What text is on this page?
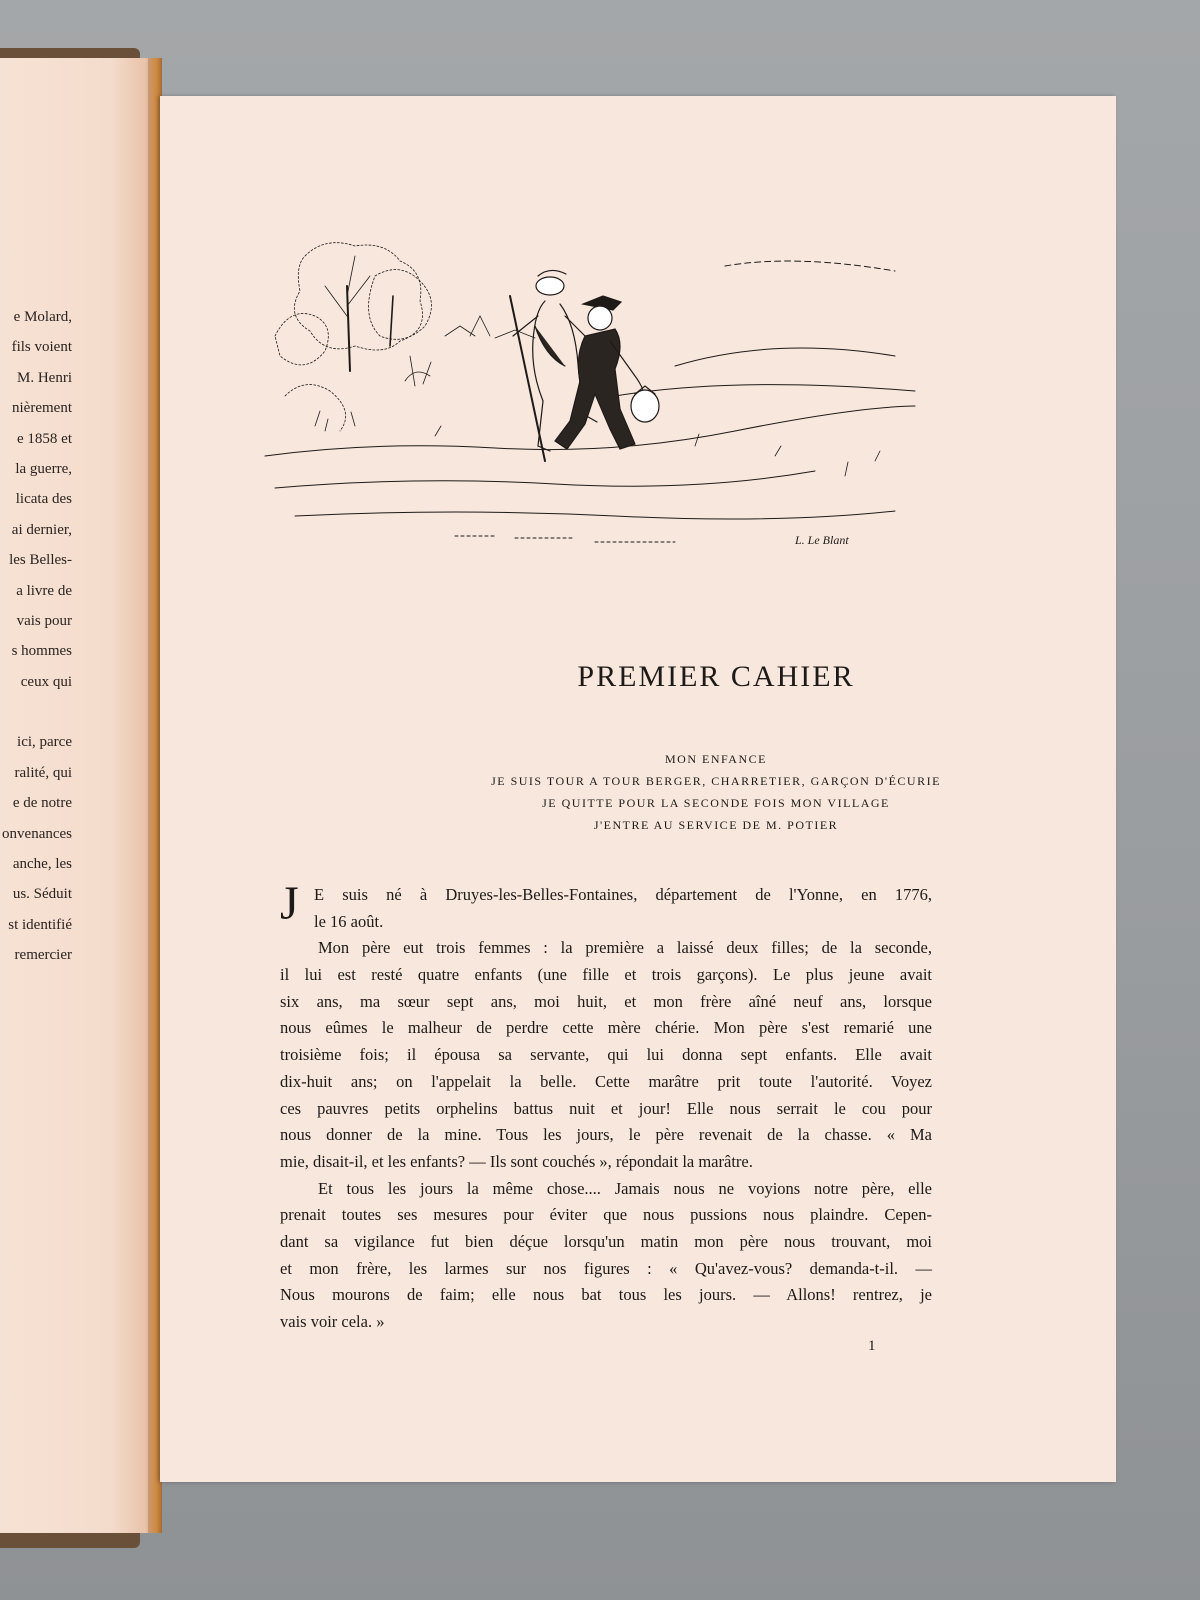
e Molard,
fils voient
M. Henri
nièrement
e 1858 et
la guerre,
licata des
ai dernier,
les Belles-
a livre de
vais pour
s hommes
ceux qui
ici, parce
ralité, qui
e de notre
onvenances
anche, les
us. Séduit
st identifié
remercier
L. Le Blant
PREMIER CAHIER
MON ENFANCE
JE SUIS TOUR A TOUR BERGER, CHARRETIER, GARÇON D'ÉCURIE
JE QUITTE POUR LA SECONDE FOIS MON VILLAGE
J'ENTRE AU SERVICE DE M. POTIER
J E suis né à Druyes-les-Belles-Fontaines, département de l'Yonne, en 1776,
le 16 août.
Mon père eut trois femmes : la première a laissé deux filles; de la seconde,
il lui est resté quatre enfants (une fille et trois garçons). Le plus jeune avait
six ans, ma sœur sept ans, moi huit, et mon frère aîné neuf ans, lorsque
nous eûmes le malheur de perdre cette mère chérie. Mon père s'est remarié une
troisième fois; il épousa sa servante, qui lui donna sept enfants. Elle avait
dix-huit ans; on l'appelait la belle. Cette marâtre prit toute l'autorité. Voyez
ces pauvres petits orphelins battus nuit et jour! Elle nous serrait le cou pour
nous donner de la mine. Tous les jours, le père revenait de la chasse. « Ma
mie, disait-il, et les enfants? — Ils sont couchés », répondait la marâtre.
Et tous les jours la même chose.... Jamais nous ne voyions notre père, elle
prenait toutes ses mesures pour éviter que nous pussions nous plaindre. Cepen-
dant sa vigilance fut bien déçue lorsqu'un matin mon père nous trouvant, moi
et mon frère, les larmes sur nos figures : « Qu'avez-vous? demanda-t-il. —
Nous mourons de faim; elle nous bat tous les jours. — Allons! rentrez, je
vais voir cela. »
1
